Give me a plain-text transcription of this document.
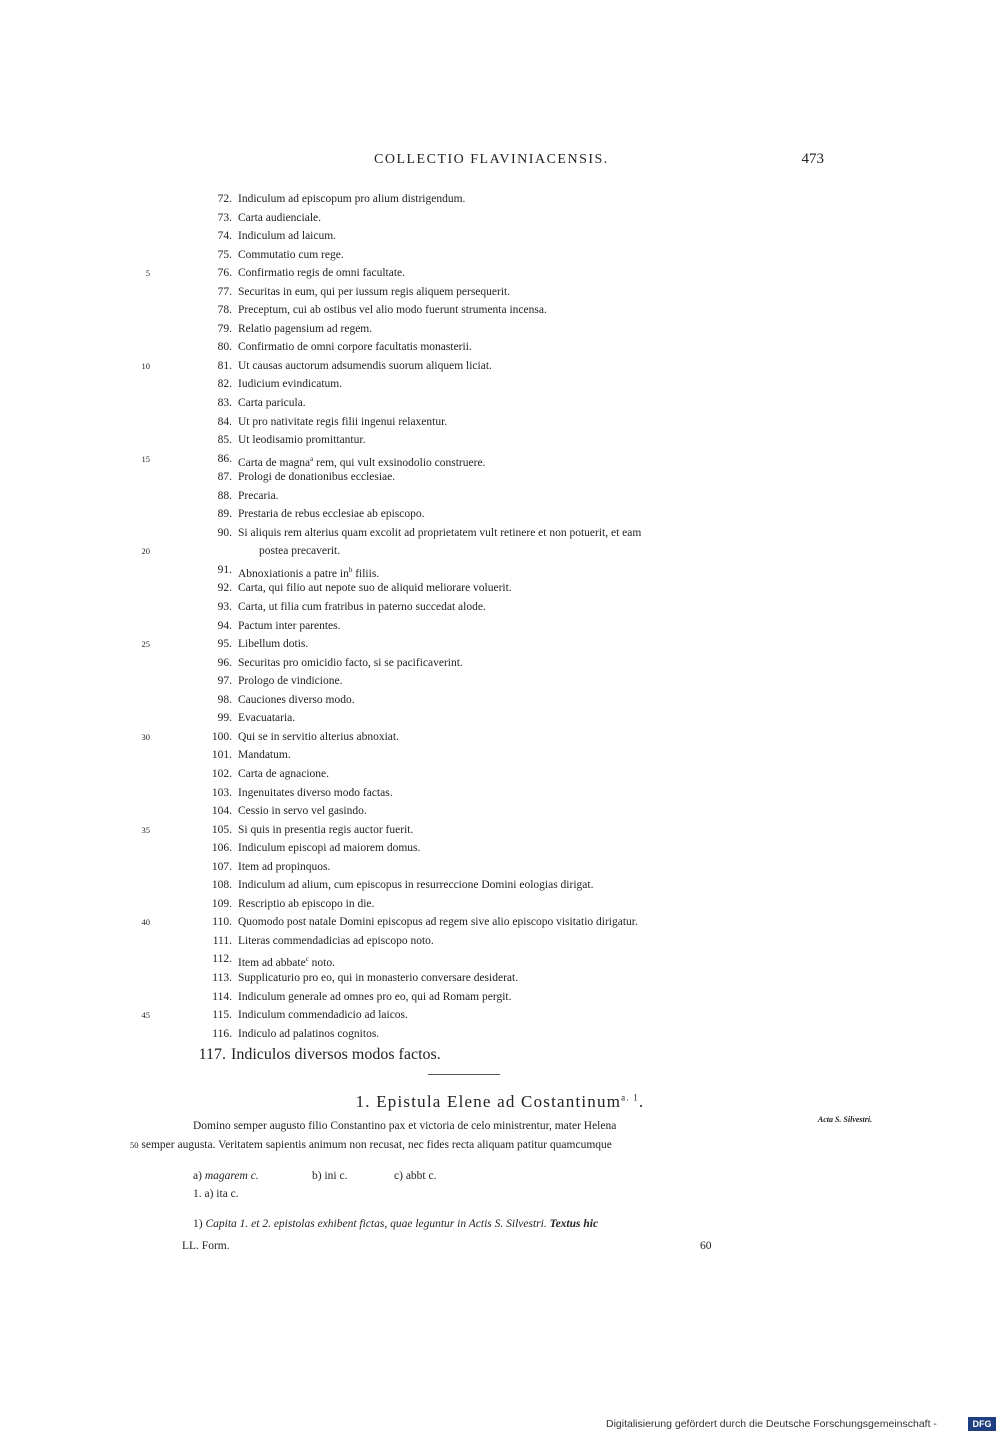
COLLECTIO FLAVINIACENSIS.	473
72. Indiculum ad episcopum pro alium distrigendum.
73. Carta audienciale.
74. Indiculum ad laicum.
75. Commutatio cum rege.
5	76. Confirmatio regis de omni facultate.
77. Securitas in eum, qui per iussum regis aliquem persequerit.
78. Preceptum, cui ab ostibus vel alio modo fuerunt strumenta incensa.
79. Relatio pagensium ad regem.
80. Confirmatio de omni corpore facultatis monasterii.
10	81. Ut causas auctorum adsumendis suorum aliquem liciat.
82. Iudicium evindicatum.
83. Carta paricula.
84. Ut pro nativitate regis filii ingenui relaxentur.
85. Ut leodisamio promittantur.
15	86. Carta de magna$^a$ rem, qui vult exsinodolio construere.
87. Prologi de donationibus ecclesiae.
88. Precaria.
89. Prestaria de rebus ecclesiae ab episcopo.
90. Si aliquis rem alterius quam excolit ad proprietatem vult retinere et non potuerit, et eam
20	postea precaverit.
91. Abnoxiationis a patre $in^b$ filiis.
92. Carta, qui filio aut nepote suo de aliquid meliorare voluerit.
93. Carta, ut filia cum fratribus in paterno succedat alode.
94. Pactum inter parentes.
25	95. Libellum dotis.
96. Securitas pro omicidio facto, si se pacificaverint.
97. Prologo de vindicione.
98. Cauciones diverso modo.
99. Evacuataria.
30	100. Qui se in servitio alterius abnoxiat.
101. Mandatum.
102. Carta de agnacione.
103. Ingenuitates diverso modo factas.
104. Cessio in servo vel gasindo.
35	105. Si quis in presentia regis auctor fuerit.
106. Indiculum episcopi ad maiorem domus.
107. Item ad propinquos.
108. Indiculum ad alium, cum episcopus in resurreccione Domini eologias dirigat.
109. Rescriptio ab episcopo in die.
40	110. Quomodo post natale Domini episcopus ad regem sive alio episcopo visitatio dirigatur.
111. Literas commendadicias ad episcopo noto.
112. Item ad abbate$^c$ noto.
113. Supplicaturio pro eo, qui in monasterio conversare desiderat.
114. Indiculum generale ad omnes pro eo, qui ad Romam pergit.
45	115. Indiculum commendadicio ad laicos.
116. Indiculo ad palatinos cognitos.
117. Indiculos diversos modos factos.
1. Epistula Elene ad Costantinum$^{a. 1}$.
Acta S. Silvestri.
Domino semper augusto filio Constantino pax et victoria de celo ministrentur, mater Helena
50 semper augusta. Veritatem sapientis animum non recusat, nec fides recta aliquam patitur quamcumque
a) magarem c.	b) ini c.	c) abbt c.
1. a) ita c.
1) Capita 1. et 2. epistolas exhibent fictas, quae leguntur in Actis S. Silvestri. Textus hic
LL. Form.	60
Digitalisierung gefördert durch die Deutsche Forschungsgemeinschaft -	DFG
